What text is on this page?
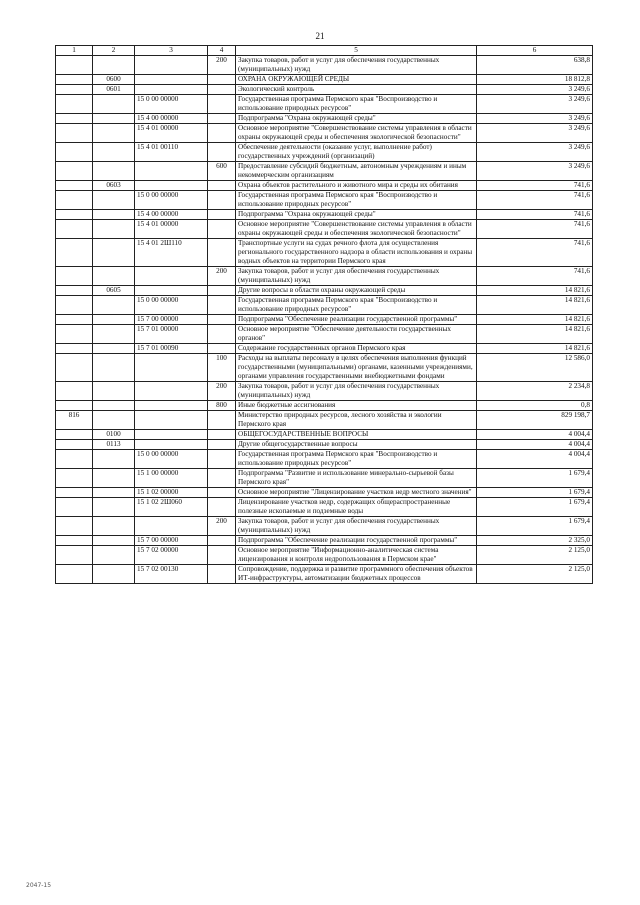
21
1	2	3	4	5	6
			200	Закупка товаров, работ и услуг для обеспечения государственных (муниципальных) нужд	638,8
	0600			ОХРАНА ОКРУЖАЮЩЕЙ СРЕДЫ	18 812,8
	0601			Экологический контроль	3 249,6
		15 0 00 00000		Государственная программа Пермского края "Воспроизводство и использование природных ресурсов"	3 249,6
		15 4 00 00000		Подпрограмма "Охрана окружающей среды"	3 249,6
		15 4 01 00000		Основное мероприятие "Совершенствование системы управления в области охраны окружающей среды и обеспечения экологической безопасности"	3 249,6
		15 4 01 00110		Обеспечение деятельности (оказание услуг, выполнение работ) государственных учреждений (организаций)	3 249,6
			600	Предоставление субсидий бюджетным, автономным учреждениям и иным некоммерческим организациям	3 249,6
	0603			Охрана объектов растительного и животного мира и среды их обитания	741,6
		15 0 00 00000		Государственная программа Пермского края "Воспроизводство и использование природных ресурсов"	741,6
		15 4 00 00000		Подпрограмма "Охрана окружающей среды"	741,6
		15 4 01 00000		Основное мероприятие "Совершенствование системы управления в области охраны окружающей среды и обеспечения экологической безопасности"	741,6
		15 4 01 2Ш110		Транспортные услуги на судах речного флота для осуществления регионального государственного надзора в области использования и охраны водных объектов на территории Пермского края	741,6
			200	Закупка товаров, работ и услуг для обеспечения государственных (муниципальных) нужд	741,6
	0605			Другие вопросы в области охраны окружающей среды	14 821,6
		15 0 00 00000		Государственная программа Пермского края "Воспроизводство и использование природных ресурсов"	14 821,6
		15 7 00 00000		Подпрограмма "Обеспечение реализации государственной программы"	14 821,6
		15 7 01 00000		Основное мероприятие "Обеспечение деятельности государственных органов"	14 821,6
		15 7 01 00090		Содержание государственных органов Пермского края	14 821,6
			100	Расходы на выплаты персоналу в целях обеспечения выполнения функций государственными (муниципальными) органами, казенными учреждениями, органами управления государственными внебюджетными фондами	12 586,0
			200	Закупка товаров, работ и услуг для обеспечения государственных (муниципальных) нужд	2 234,8
			800	Иные бюджетные ассигнования	0,8
816				Министерство природных ресурсов, лесного хозяйства и экологии Пермского края	829 198,7
	0100			ОБЩЕГОСУДАРСТВЕННЫЕ ВОПРОСЫ	4 004,4
	0113			Другие общегосударственные вопросы	4 004,4
		15 0 00 00000		Государственная программа Пермского края "Воспроизводство и использование природных ресурсов"	4 004,4
		15 1 00 00000		Подпрограмма "Развитие и использование минерально-сырьевой базы Пермского края"	1 679,4
		15 1 02 00000		Основное мероприятие "Лицензирование участков недр местного значения"	1 679,4
		15 1 02 2Ш060		Лицензирование участков недр, содержащих общераспространенные полезные ископаемые и подземные воды	1 679,4
			200	Закупка товаров, работ и услуг для обеспечения государственных (муниципальных) нужд	1 679,4
		15 7 00 00000		Подпрограмма "Обеспечение реализации государственной программы"	2 325,0
		15 7 02 00000		Основное мероприятие "Информационно-аналитическая система лицензирования и контроля недропользования в Пермском крае"	2 125,0
		15 7 02 00130		Сопровождение, поддержка и развитие программного обеспечения объектов ИТ-инфраструктуры, автоматизации бюджетных процессов	2 125,0
2047-15
